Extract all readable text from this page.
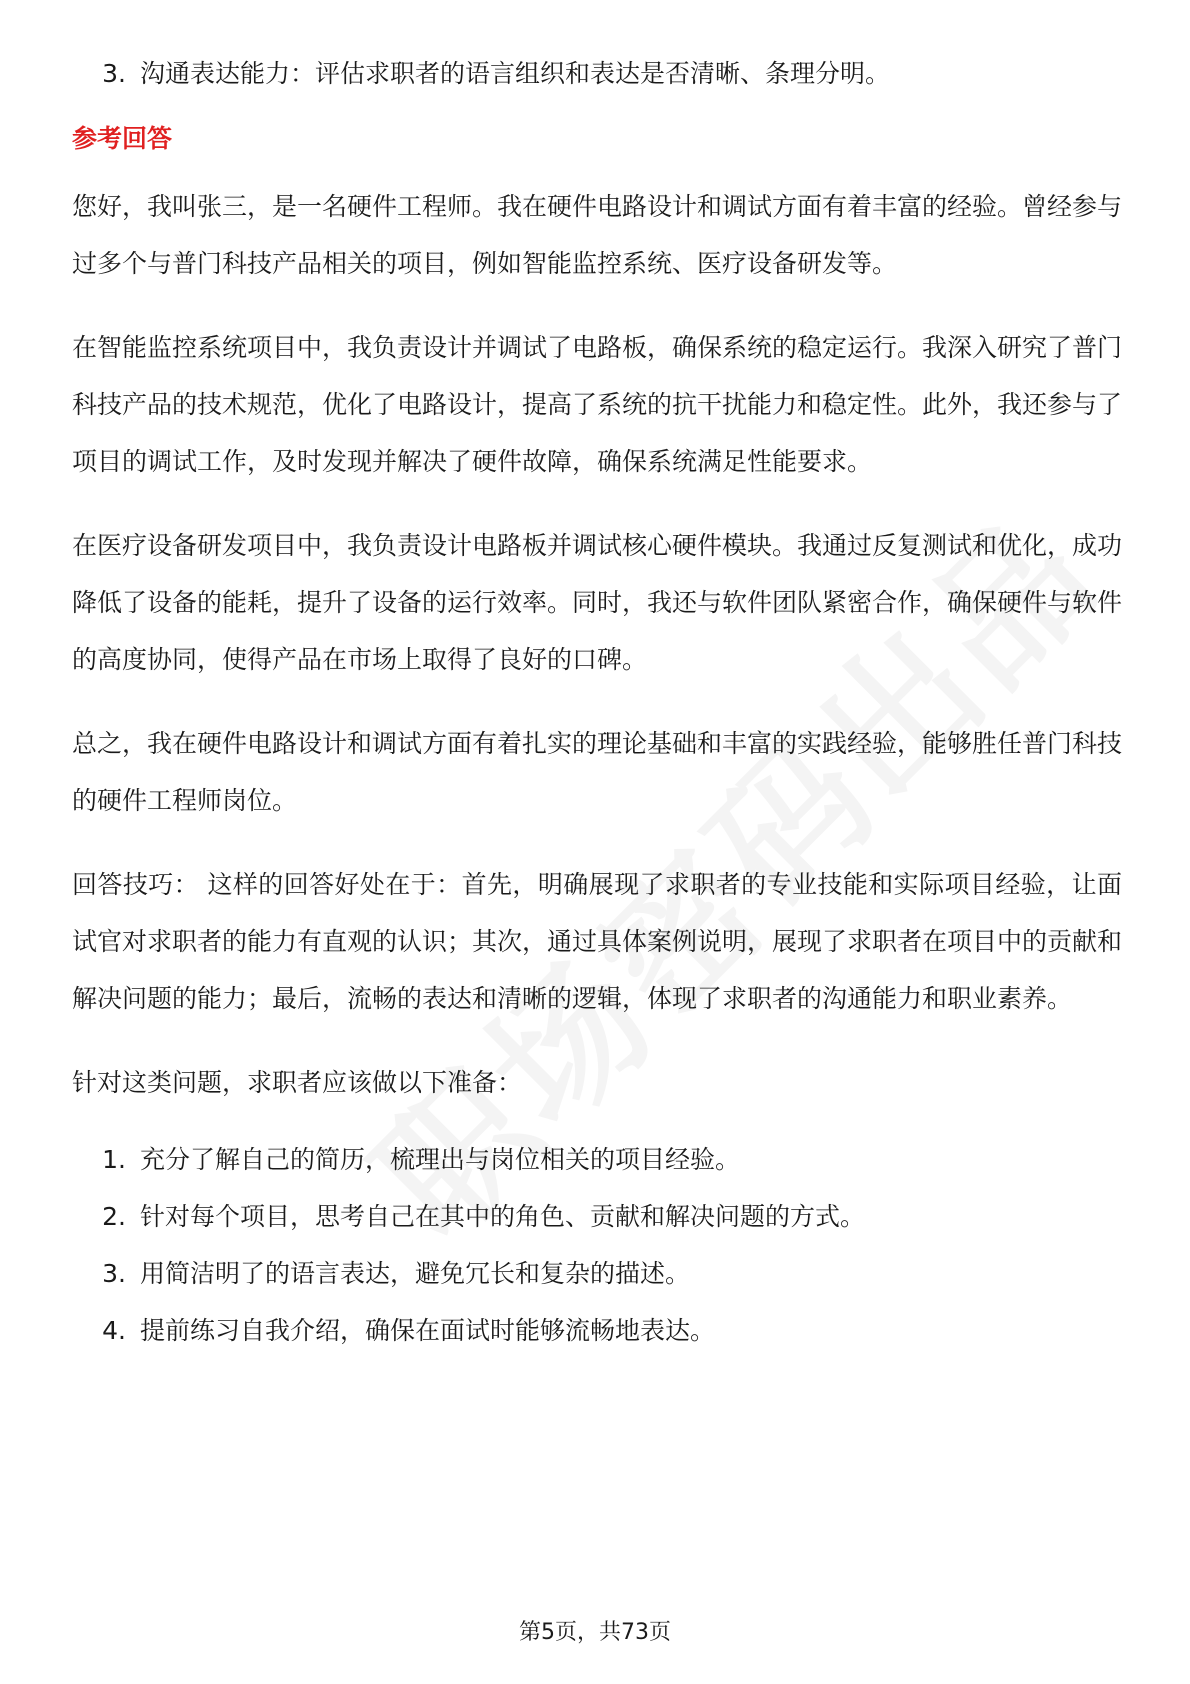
3. 沟通表达能力：评估求职者的语言组织和表达是否清晰、条理分明。
参考回答
您好，我叫张三，是一名硬件工程师。我在硬件电路设计和调试方面有着丰富的经验。曾经参与过多个与普门科技产品相关的项目，例如智能监控系统、医疗设备研发等。
在智能监控系统项目中，我负责设计并调试了电路板，确保系统的稳定运行。我深入研究了普门科技产品的技术规范，优化了电路设计，提高了系统的抗干扰能力和稳定性。此外，我还参与了项目的调试工作，及时发现并解决了硬件故障，确保系统满足性能要求。
在医疗设备研发项目中，我负责设计电路板并调试核心硬件模块。我通过反复测试和优化，成功降低了设备的能耗，提升了设备的运行效率。同时，我还与软件团队紧密合作，确保硬件与软件的高度协同，使得产品在市场上取得了良好的口碑。
总之，我在硬件电路设计和调试方面有着扎实的理论基础和丰富的实践经验，能够胜任普门科技的硬件工程师岗位。
回答技巧： 这样的回答好处在于：首先，明确展现了求职者的专业技能和实际项目经验，让面试官对求职者的能力有直观的认识；其次，通过具体案例说明，展现了求职者在项目中的贡献和解决问题的能力；最后，流畅的表达和清晰的逻辑，体现了求职者的沟通能力和职业素养。
针对这类问题，求职者应该做以下准备：
1. 充分了解自己的简历，梳理出与岗位相关的项目经验。
2. 针对每个项目，思考自己在其中的角色、贡献和解决问题的方式。
3. 用简洁明了的语言表达，避免冗长和复杂的描述。
4. 提前练习自我介绍，确保在面试时能够流畅地表达。
第5页，共73页
